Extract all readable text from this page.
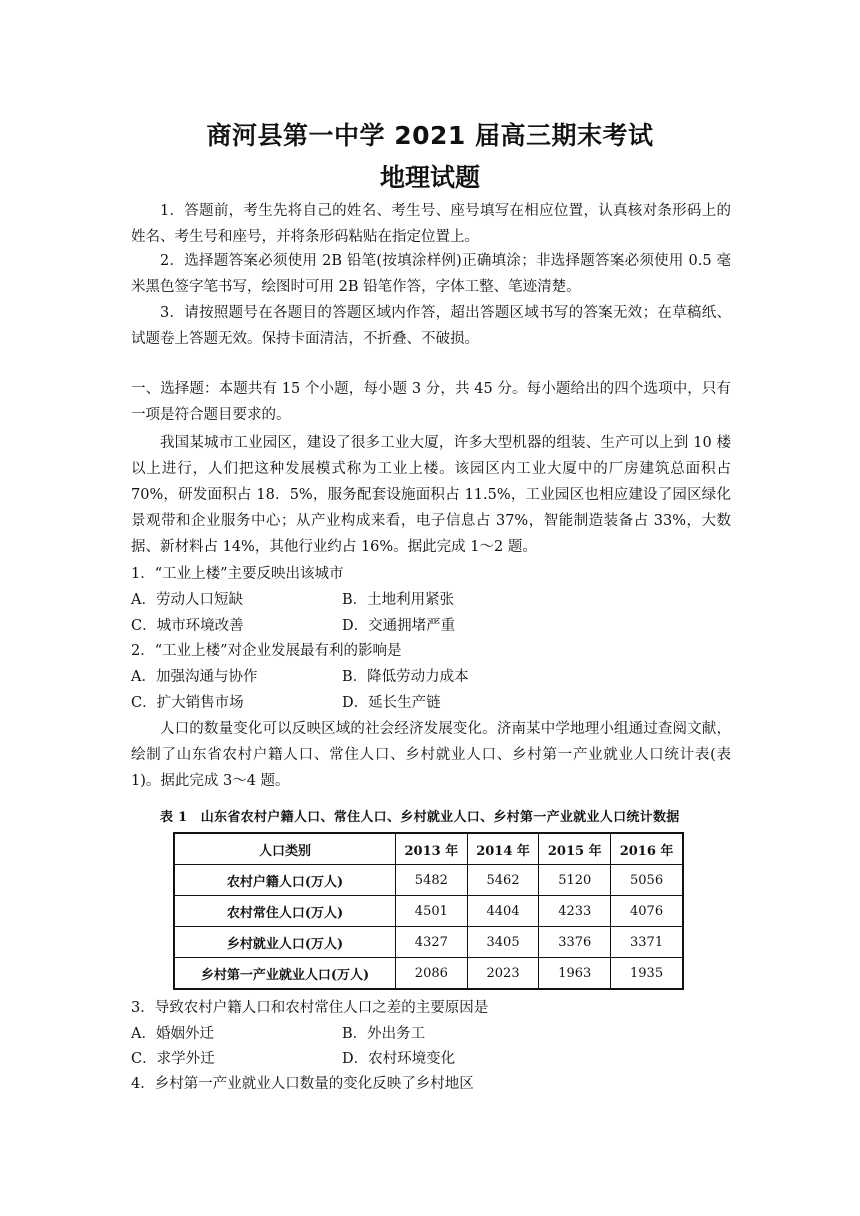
商河县第一中学 2021 届高三期末考试
地理试题
1．答题前，考生先将自己的姓名、考生号、座号填写在相应位置，认真核对条形码上的姓名、考生号和座号，并将条形码粘贴在指定位置上。
2．选择题答案必须使用 2B 铅笔(按填涂样例)正确填涂；非选择题答案必须使用 0.5 毫米黑色签字笔书写，绘图时可用 2B 铅笔作答，字体工整、笔迹清楚。
3．请按照题号在各题目的答题区域内作答，超出答题区域书写的答案无效；在草稿纸、试题卷上答题无效。保持卡面清洁，不折叠、不破损。
一、选择题：本题共有 15 个小题，每小题 3 分，共 45 分。每小题给出的四个选项中，只有一项是符合题目要求的。
我国某城市工业园区，建设了很多工业大厦，许多大型机器的组装、生产可以上到 10 楼以上进行，人们把这种发展模式称为工业上楼。该园区内工业大厦中的厂房建筑总面积占 70%，研发面积占 18．5%，服务配套设施面积占 11.5%，工业园区也相应建设了园区绿化景观带和企业服务中心；从产业构成来看，电子信息占 37%，智能制造装备占 33%，大数据、新材料占 14%，其他行业约占 16%。据此完成 1～2 题。
1．“工业上楼”主要反映出该城市
A．劳动人口短缺	B．土地利用紧张
C．城市环境改善	D．交通拥堵严重
2．“工业上楼”对企业发展最有利的影响是
A．加强沟通与协作	B．降低劳动力成本
C．扩大销售市场	D．延长生产链
人口的数量变化可以反映区域的社会经济发展变化。济南某中学地理小组通过查阅文献，绘制了山东省农村户籍人口、常住人口、乡村就业人口、乡村第一产业就业人口统计表(表 1)。据此完成 3～4 题。
表 1　山东省农村户籍人口、常住人口、乡村就业人口、乡村第一产业就业人口统计数据
人口类别	2013 年	2014 年	2015 年	2016 年
农村户籍人口(万人)	5482	5462	5120	5056
农村常住人口(万人)	4501	4404	4233	4076
乡村就业人口(万人)	4327	3405	3376	3371
乡村第一产业就业人口(万人)	2086	2023	1963	1935
3．导致农村户籍人口和农村常住人口之差的主要原因是
A．婚姻外迁	B．外出务工
C．求学外迁	D．农村环境变化
4．乡村第一产业就业人口数量的变化反映了乡村地区
